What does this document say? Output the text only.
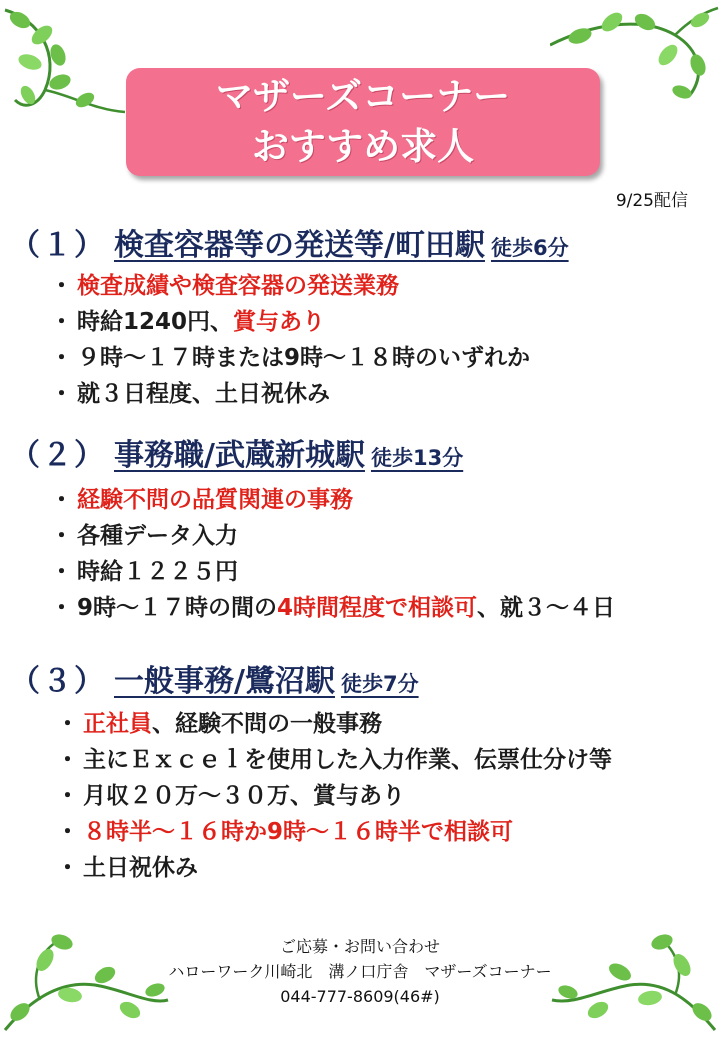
マザーズコーナー
おすすめ求人
9/25配信
（１） 検査容器等の発送等/町田駅 徒歩6分
・ 検査成績や検査容器の発送業務
・ 時給1240円、賞与あり
・ ９時～１７時または9時～１８時のいずれか
・ 就３日程度、土日祝休み
（２） 事務職/武蔵新城駅 徒歩13分
・ 経験不問の品質関連の事務
・ 各種データ入力
・ 時給１２２５円
・ 9時～１７時の間の4時間程度で相談可、就３～４日
（３） 一般事務/鷺沼駅 徒歩7分
・ 正社員、経験不問の一般事務
・ 主にＥｘｃｅｌを使用した入力作業、伝票仕分け等
・ 月収２０万～３０万、賞与あり
・ ８時半～１６時か9時～１６時半で相談可
・ 土日祝休み
ご応募・お問い合わせ
ハローワーク川崎北　溝ノ口庁舎　マザーズコーナー
044-777-8609(46#)
